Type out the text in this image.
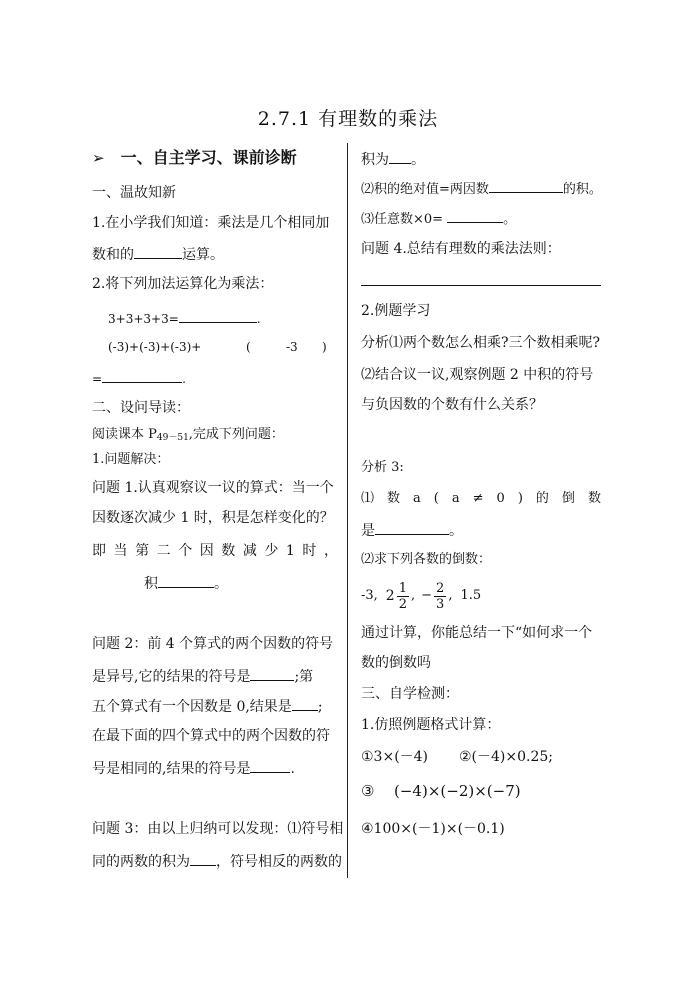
2.7.1 有理数的乘法
➢ 一、自主学习、课前诊断
一、温故知新
1.在小学我们知道：乘法是几个相同加
数和的	运算。
2.将下列加法运算化为乘法：
3+3+3+3=	.
(-3)+(-3)+(-3)+	(	-3 )
=	.
二、设问导读：
阅读课本 $P_{49-51}$,完成下列问题：
1.问题解决：
问题 1.认真观察议一议的算式：当一个
因数逐次减少 1 时，积是怎样变化的？
即 当 第 二 个 因 数 减 少 1 时 ，
积	。
问题 2：前 4 个算式的两个因数的符号
是异号,它的结果的符号是	;第
五个算式有一个因数是 0,结果是 ;
在最下面的四个算式中的两个因数的符
号是相同的,结果的符号是	.
问题 3：由以上归纳可以发现：⑴符号相
同的两数的积为 ，符号相反的两数的
积为 。
⑵积的绝对值=两因数	的积。
⑶任意数×0=	。
问题 4.总结有理数的乘法法则：
2.例题学习
分析⑴两个数怎么相乘?三个数相乘呢?
⑵结合议一议,观察例题 2 中积的符号
与负因数的个数有什么关系？
分析 3:
⑴ 数 a ( a ≠ 0 ) 的 倒 数
是	。
⑵求下列各数的倒数：
-3, $2 \frac{1}{2}$ , − $\frac{2}{3}$ , 1.5
通过计算，你能总结一下“如何求一个
数的倒数吗
三、自学检测：
1.仿照例题格式计算：
①3×(－4) ②(－4)×0.25;
③ (−4)×(−2)×(−7)
④100×(－1)×(－0.1)
